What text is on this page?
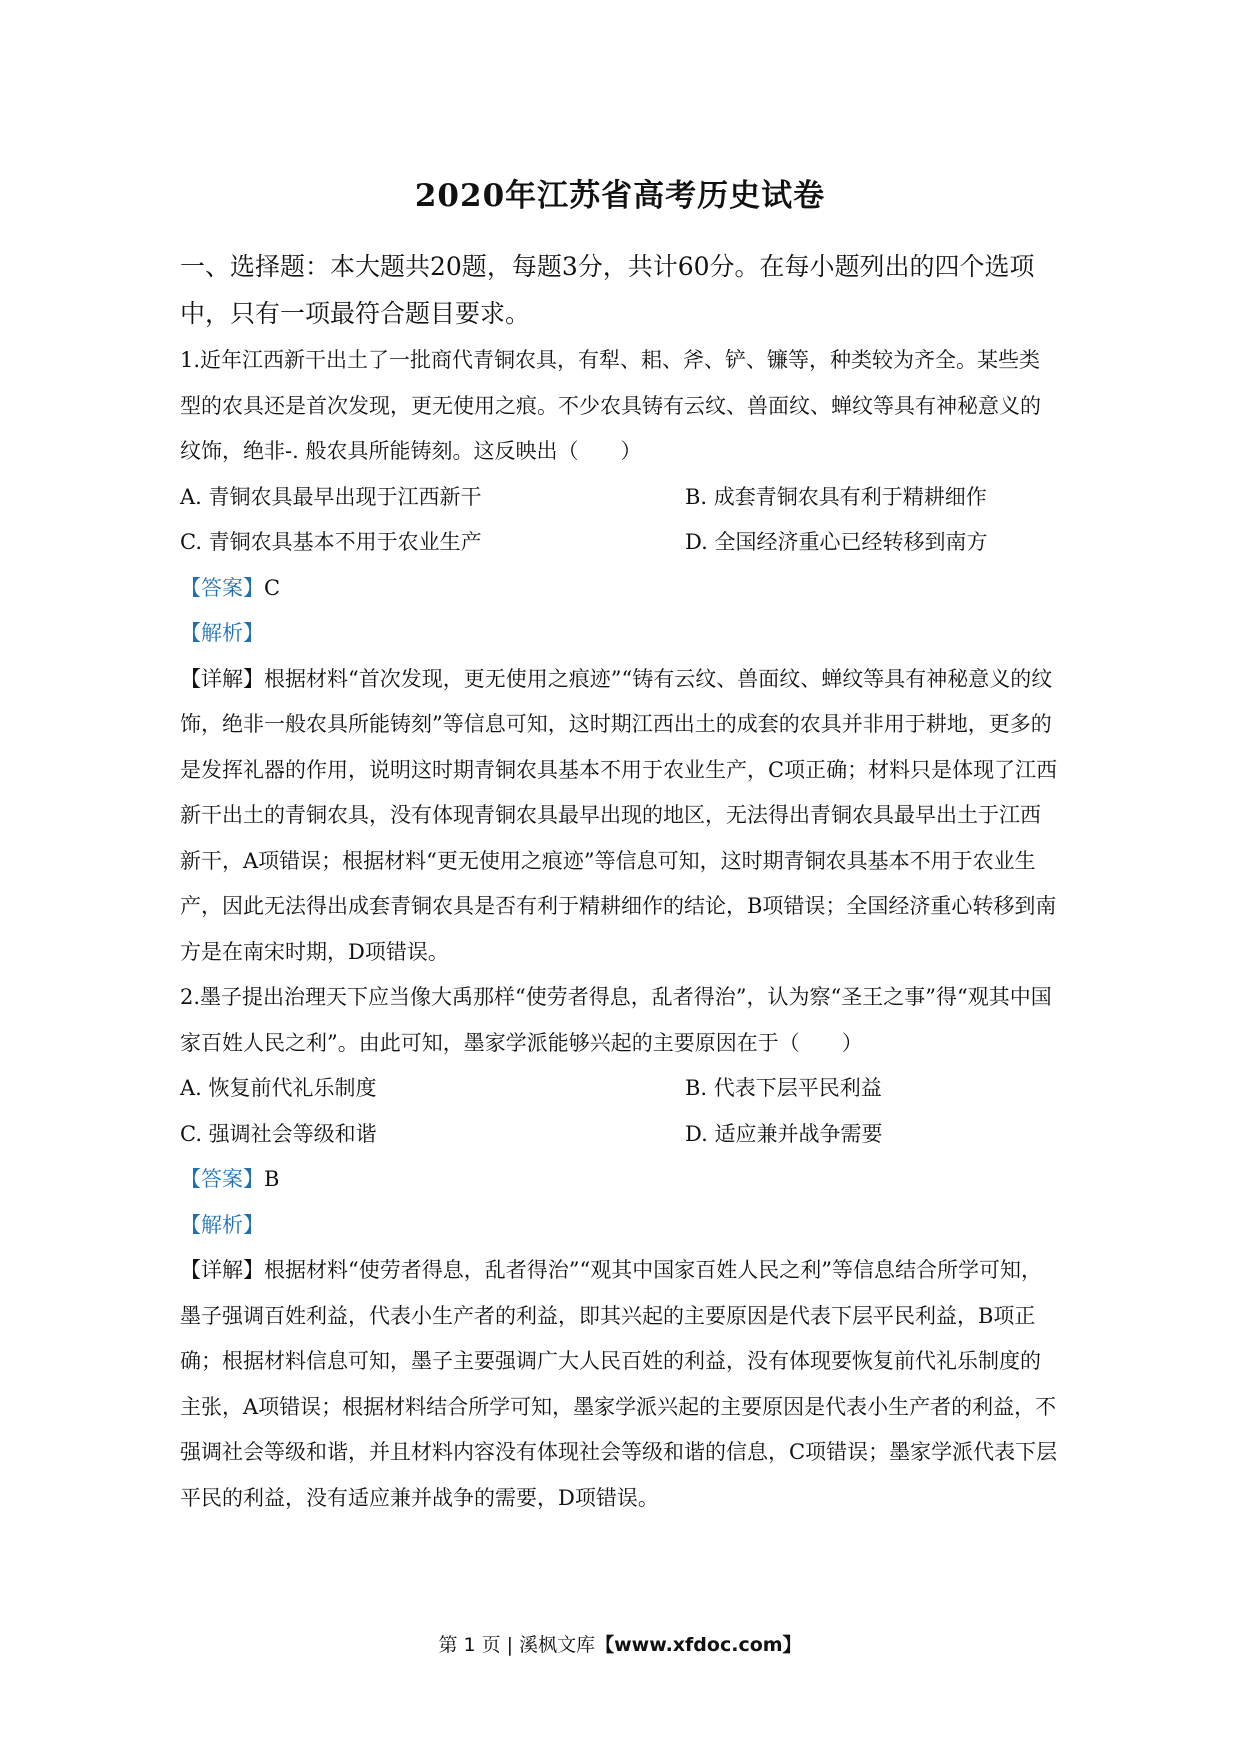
2020年江苏省高考历史试卷
一、选择题：本大题共20题，每题3分，共计60分。在每小题列出的四个选项中，只有一项最符合题目要求。

1.近年江西新干出土了一批商代青铜农具，有犁、耜、斧、铲、镰等，种类较为齐全。某些类型的农具还是首次发现，更无使用之痕。不少农具铸有云纹、兽面纹、蝉纹等具有神秘意义的纹饰，绝非-. 般农具所能铸刻。这反映出（　　）

A. 青铜农具最早出现于江西新干	B. 成套青铜农具有利于精耕细作
C. 青铜农具基本不用于农业生产	D. 全国经济重心已经转移到南方

【答案】C

【解析】

【详解】根据材料“首次发现，更无使用之痕迹”“铸有云纹、兽面纹、蝉纹等具有神秘意义的纹饰，绝非一般农具所能铸刻”等信息可知，这时期江西出土的成套的农具并非用于耕地，更多的是发挥礼器的作用，说明这时期青铜农具基本不用于农业生产，C项正确；材料只是体现了江西新干出土的青铜农具，没有体现青铜农具最早出现的地区，无法得出青铜农具最早出土于江西新干，A项错误；根据材料“更无使用之痕迹”等信息可知，这时期青铜农具基本不用于农业生产，因此无法得出成套青铜农具是否有利于精耕细作的结论，B项错误；全国经济重心转移到南方是在南宋时期，D项错误。

2.墨子提出治理天下应当像大禹那样“使劳者得息，乱者得治”，认为察“圣王之事”得“观其中国家百姓人民之利”。由此可知，墨家学派能够兴起的主要原因在于（　　）

A. 恢复前代礼乐制度	B. 代表下层平民利益
C. 强调社会等级和谐	D. 适应兼并战争需要

【答案】B

【解析】

【详解】根据材料“使劳者得息，乱者得治”“观其中国家百姓人民之利”等信息结合所学可知，墨子强调百姓利益，代表小生产者的利益，即其兴起的主要原因是代表下层平民利益，B项正确；根据材料信息可知，墨子主要强调广大人民百姓的利益，没有体现要恢复前代礼乐制度的主张，A项错误；根据材料结合所学可知，墨家学派兴起的主要原因是代表小生产者的利益，不强调社会等级和谐，并且材料内容没有体现社会等级和谐的信息，C项错误；墨家学派代表下层平民的利益，没有适应兼并战争的需要，D项错误。

第 1 页 | 溪枫文库【www.xfdoc.com】
